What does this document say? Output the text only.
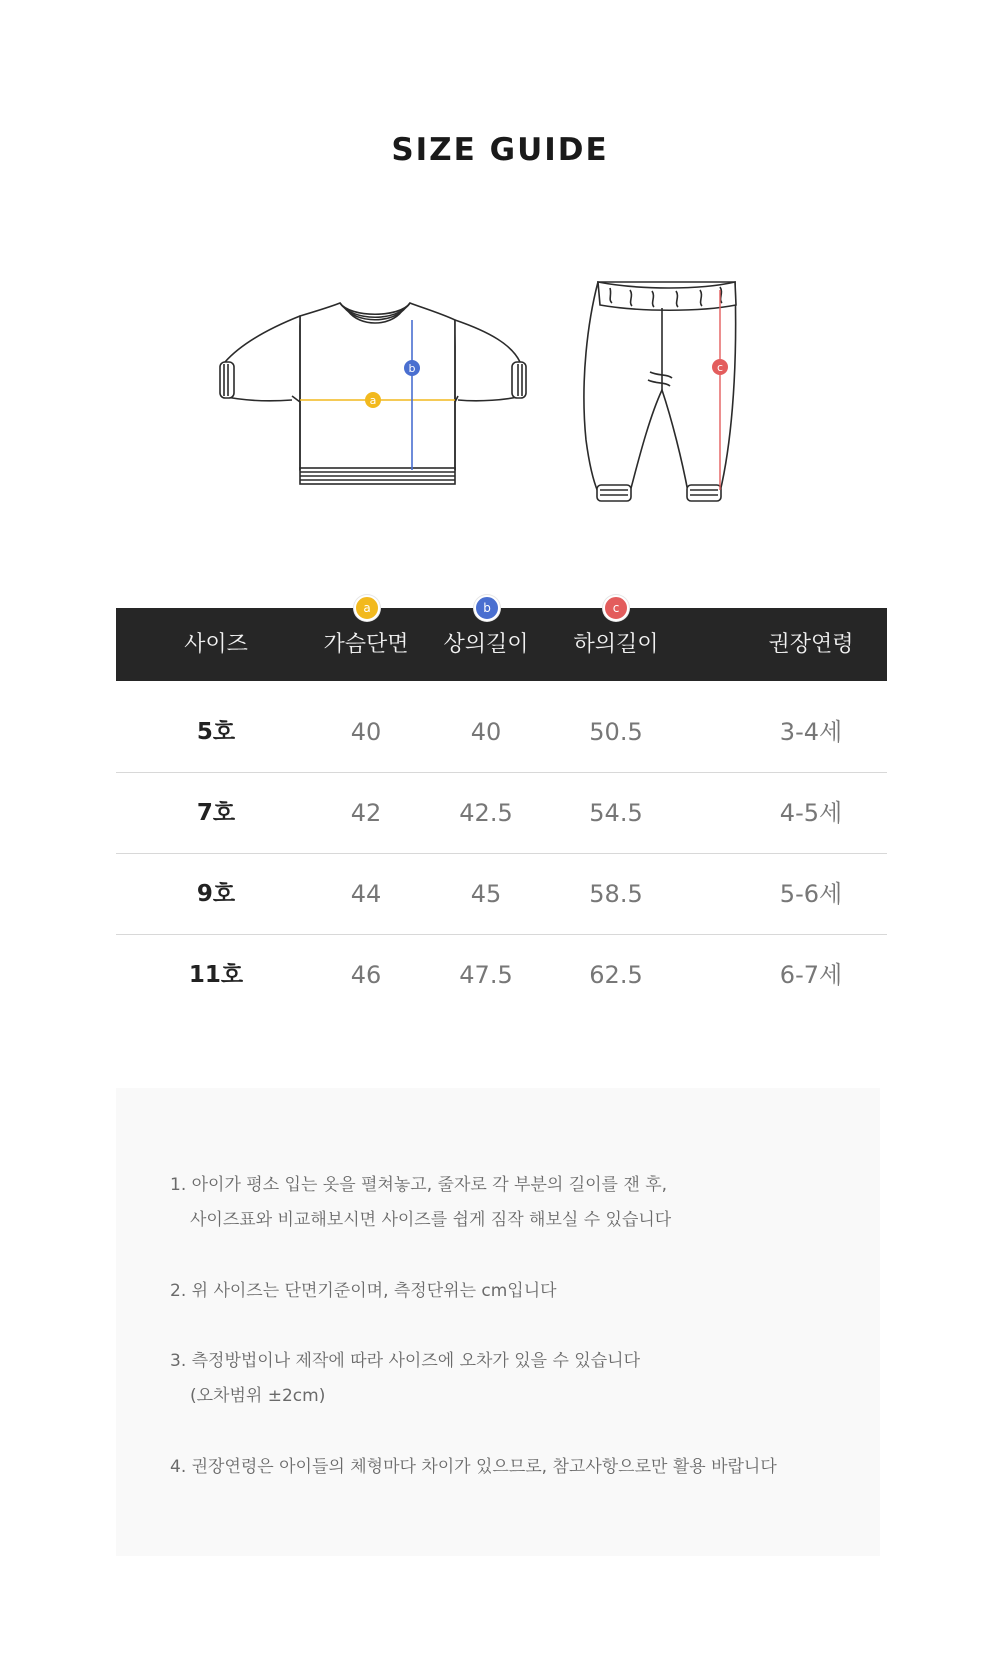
SIZE GUIDE
a
b	c
a	b	c
사이즈	가슴단면	상의길이	하의길이	권장연령
5호	40	40	50.5	3-4세
7호	42	42.5	54.5	4-5세
9호	44	45	58.5	5-6세
11호	46	47.5	62.5	6-7세
1. 아이가 평소 입는 옷을 펼쳐놓고, 줄자로 각 부분의 길이를 잰 후,
사이즈표와 비교해보시면 사이즈를 쉽게 짐작 해보실 수 있습니다
2. 위 사이즈는 단면기준이며, 측정단위는 cm입니다
3. 측정방법이나 제작에 따라 사이즈에 오차가 있을 수 있습니다
(오차범위 ±2cm)
4. 권장연령은 아이들의 체형마다 차이가 있으므로, 참고사항으로만 활용 바랍니다
